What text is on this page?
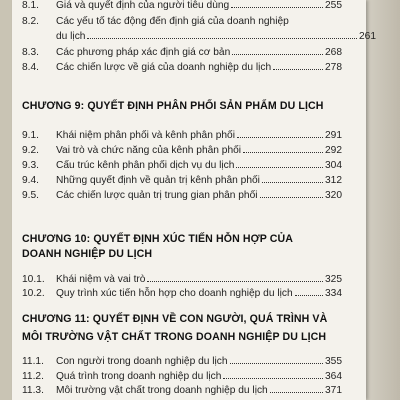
8.1.	Giá và quyết định của người tiêu dùng	255
8.2.	Các yếu tố tác động đến định giá của doanh nghiệp
du lịch	261
8.3.	Các phương pháp xác định giá cơ bản	268
8.4.	Các chiến lược về giá của doanh nghiệp du lịch	278
CHƯƠNG 9: QUYẾT ĐỊNH PHÂN PHỐI SẢN PHẨM DU LỊCH
9.1.	Khái niệm phân phối và kênh phân phối	291
9.2.	Vai trò và chức năng của kênh phân phối	292
9.3.	Cấu trúc kênh phân phối dịch vụ du lịch	304
9.4.	Những quyết định về quản trị kênh phân phối	312
9.5.	Các chiến lược quản trị trung gian phân phối	320
CHƯƠNG 10: QUYẾT ĐỊNH XÚC TIẾN HỖN HỢP CỦA
DOANH NGHIỆP DU LỊCH
10.1.	Khái niệm và vai trò	325
10.2.	Quy trình xúc tiến hỗn hợp cho doanh nghiệp du lịch	334
CHƯƠNG 11: QUYẾT ĐỊNH VỀ CON NGƯỜI, QUÁ TRÌNH VÀ
MÔI TRƯỜNG VẬT CHẤT TRONG DOANH NGHIỆP DU LỊCH
11.1.	Con người trong doanh nghiệp du lịch	355
11.2.	Quá trình trong doanh nghiệp du lịch	364
11.3.	Môi trường vật chất trong doanh nghiệp du lịch	371
